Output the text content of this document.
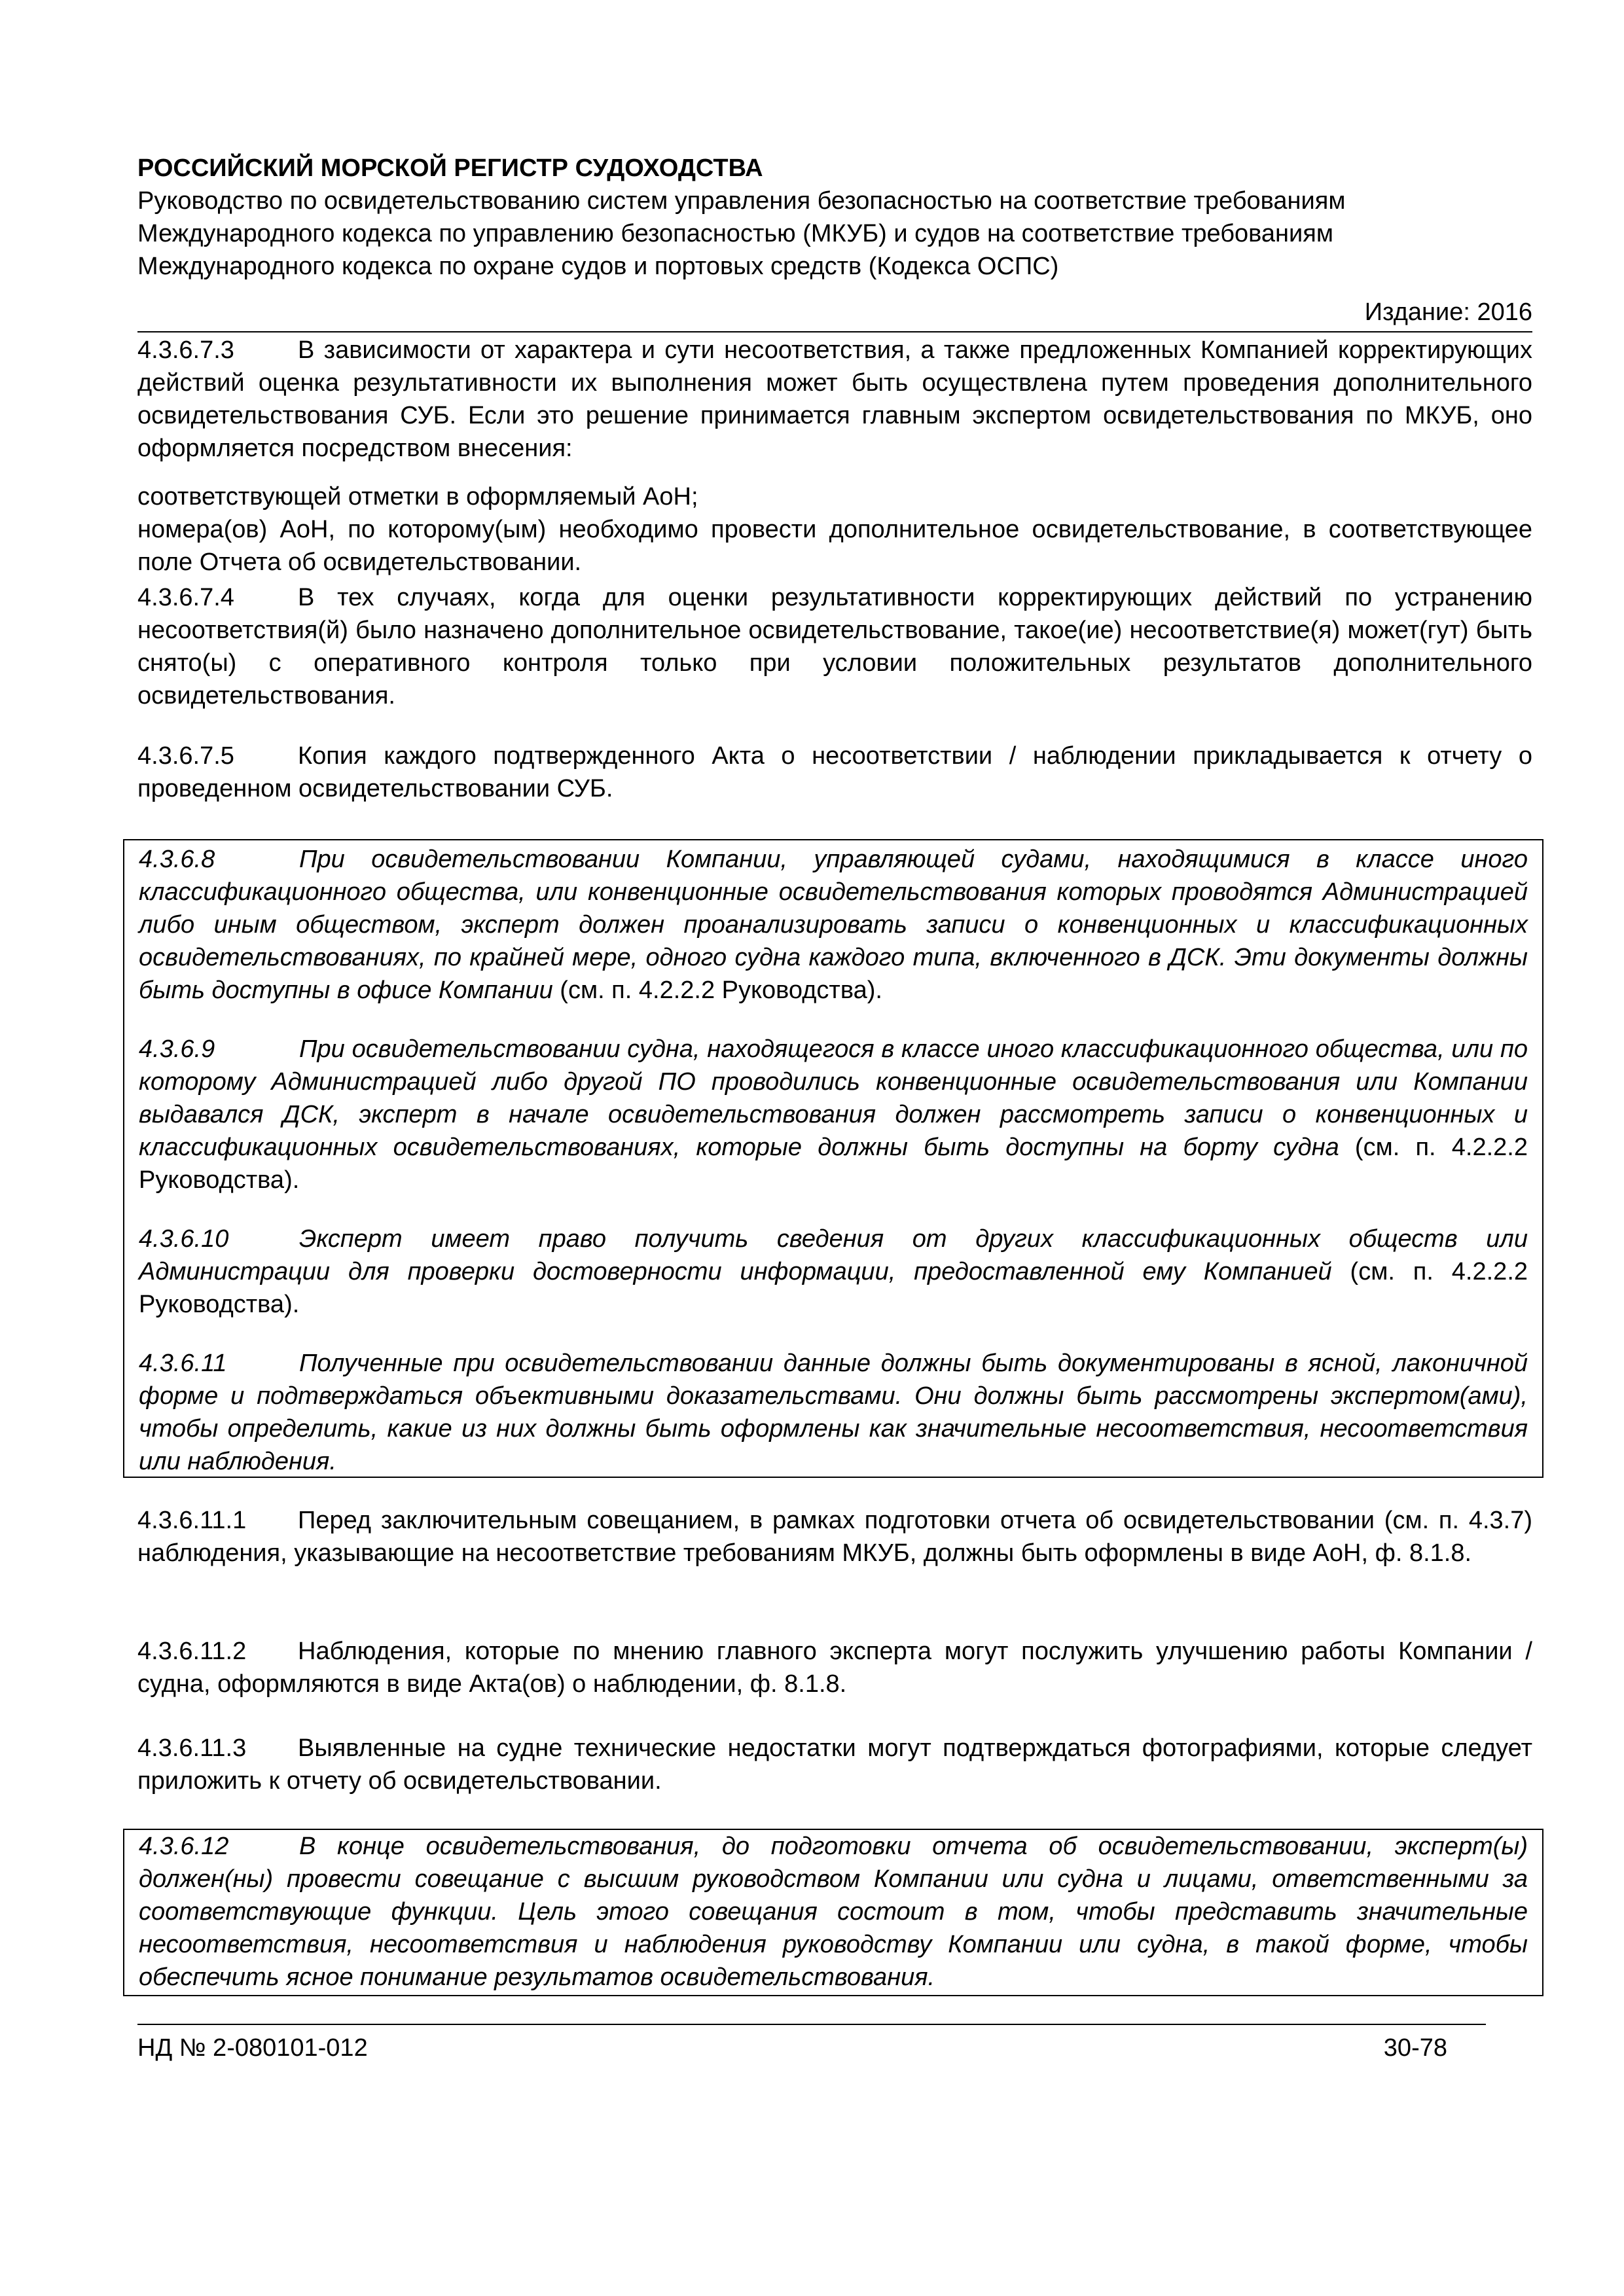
РОССИЙСКИЙ МОРСКОЙ РЕГИСТР СУДОХОДСТВА
Руководство по освидетельствованию систем управления безопасностью на соответствие требованиям
Международного кодекса по управлению безопасностью (МКУБ) и судов на соответствие требованиям
Международного кодекса по охране судов и портовых средств (Кодекса ОСПС)
Издание: 2016

4.3.6.7.3	В зависимости от характера и сути несоответствия, а также предложенных Компанией корректирующих действий оценка результативности их выполнения может быть осуществлена путем проведения дополнительного освидетельствования СУБ. Если это решение принимается главным экспертом освидетельствования по МКУБ, оно оформляется посредством внесения:

соответствующей отметки в оформляемый АоН;

номера(ов) АоН, по которому(ым) необходимо провести дополнительное освидетельствование, в соответствующее поле Отчета об освидетельствовании.

4.3.6.7.4	В тех случаях, когда для оценки результативности корректирующих действий по устранению несоответствия(й) было назначено дополнительное освидетельствование, такое(ие) несоответствие(я) может(гут) быть снято(ы) с оперативного контроля только при условии положительных результатов дополнительного освидетельствования.

4.3.6.7.5	Копия каждого подтвержденного Акта о несоответствии / наблюдении прикладывается к отчету о проведенном освидетельствовании СУБ.

4.3.6.8	При освидетельствовании Компании, управляющей судами, находящимися в классе иного классификационного общества, или конвенционные освидетельствования которых проводятся Администрацией либо иным обществом, эксперт должен проанализировать записи о конвенционных и классификационных освидетельствованиях, по крайней мере, одного судна каждого типа, включенного в ДСК. Эти документы должны быть доступны в офисе Компании (см. п. 4.2.2.2 Руководства).

4.3.6.9	При освидетельствовании судна, находящегося в классе иного классификационного общества, или по которому Администрацией либо другой ПО проводились конвенционные освидетельствования или Компании выдавался ДСК, эксперт в начале освидетельствования должен рассмотреть записи о конвенционных и классификационных освидетельствованиях, которые должны быть доступны на борту судна (см. п. 4.2.2.2 Руководства).

4.3.6.10	Эксперт имеет право получить сведения от других классификационных обществ или Администрации для проверки достоверности информации, предоставленной ему Компанией (см. п. 4.2.2.2 Руководства).

4.3.6.11	Полученные при освидетельствовании данные должны быть документированы в ясной, лаконичной форме и подтверждаться объективными доказательствами. Они должны быть рассмотрены экспертом(ами), чтобы определить, какие из них должны быть оформлены как значительные несоответствия, несоответствия или наблюдения.

4.3.6.11.1 Перед заключительным совещанием, в рамках подготовки отчета об освидетельствовании (см. п. 4.3.7) наблюдения, указывающие на несоответствие требованиям МКУБ, должны быть оформлены в виде АоН, ф. 8.1.8.

4.3.6.11.2 Наблюдения, которые по мнению главного эксперта могут послужить улучшению работы Компании / судна, оформляются в виде Акта(ов) о наблюдении, ф. 8.1.8.

4.3.6.11.3 Выявленные на судне технические недостатки могут подтверждаться фотографиями, которые следует приложить к отчету об освидетельствовании.

4.3.6.12	В конце освидетельствования, до подготовки отчета об освидетельствовании, эксперт(ы) должен(ны) провести совещание с высшим руководством Компании или судна и лицами, ответственными за соответствующие функции. Цель этого совещания состоит в том, чтобы представить значительные несоответствия, несоответствия и наблюдения руководству Компании или судна, в такой форме, чтобы обеспечить ясное понимание результатов освидетельствования.

НД № 2-080101-012	30-78
